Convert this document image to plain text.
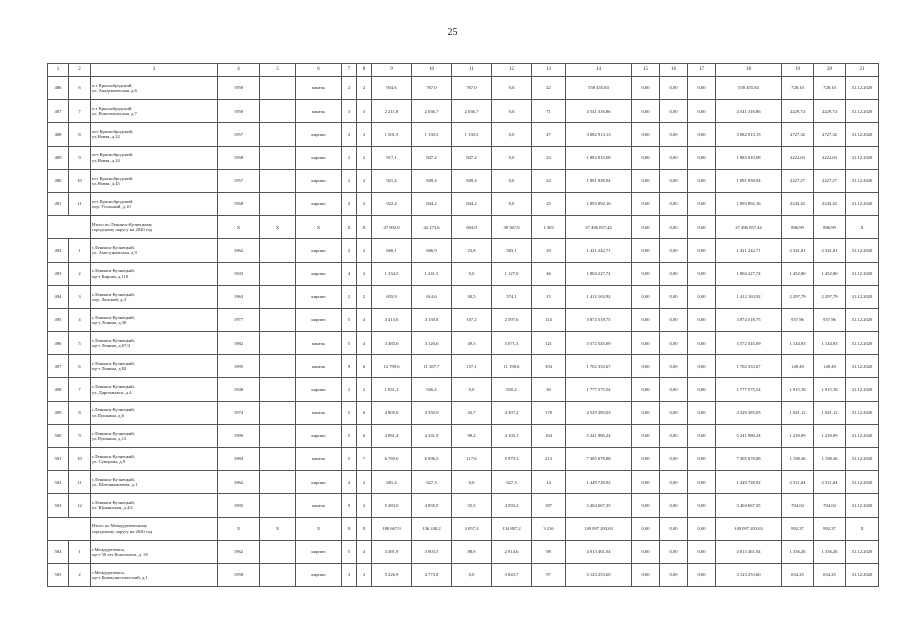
25
1	2	3	4	5	6	7	8	9	10	11	12	13	14	15	16	17	18	19	20	21
486	6	п.т Краснобродский,
ул. Академическая, д.6	1958		панель	2	2	934,6	767,0	767,0	0,0	22	558 455,84	0,00	0,00	0,00	558 455,84	728,10	728,10	31.12.2020
487	7	п.т Краснобродский,
ул. Комсомольская, д.7	1958		панель	3	3	2 211,8	2 036,7	2 036,7	0,0	71	4 541 316,86	0,00	0,00	0,00	4 541 316,86	2229,74	2229,74	31.12.2020
488	8	пгт Краснобродский,
ул.Новая, д.22	1957		кирпич	2	3	1 501,5	1 130,5	1 130,5	0,0	47	3 082 913,13	0,00	0,00	0,00	3 082 913,13	2727,32	2727,32	31.12.2020
489	9	пгт Краснобродский,
ул.Новая, д.24	1958		кирпич	2	2	917,1	847,2	847,2	0,0	23	1 883 010,08	0,00	0,00	0,00	1 883 010,08	2222,63	2222,63	31.12.2020
490	10	пгт Краснобродский,
ул.Новая, д.45	1957		кирпич	2	2	921,4	849,4	849,4	0,0	24	1 891 838,94	0,00	0,00	0,00	1 891 838,94	2227,27	2227,27	31.12.2020
491	11	пгт Краснобродский,
пер. Угольный, д.10	1958		кирпич	2	2	922,4	844,2	844,2	0,0	25	1 893 892,16	0,00	0,00	0,00	1 893 892,16	2243,42	2243,42	31.12.2020
		Итого по Ленинск-Кузнецкому
городскому округу на 2020 год	X	X	X	X	X	47 002,0	42 273,6	694,9	39 367,0	1 303	37 496 057,44	0,00	0,00	0,00	37 496 057,44	886,99	886,99	X
492	1	г.Ленинск-Кузнецкий,
ул. Амосуньевская, д.9	1962		кирпич	2	2	660,1	606,9	23,8	583,1	29	1 421 242,71	0,00	0,00	0,00	1 421 242,71	2 341,81	2 341,81	31.12.2020
493	2	г.Ленинск-Кузнецкий,
пр-т Кирова, д.118	1943		кирпич	4	2	1 334,5	1 241,5	0,0	1 127,0	46	1 804 227,74	0,00	0,00	0,00	1 804 227,74	1 452,80	1 452,80	31.12.2020
494	3	г.Ленинск-Кузнецкий,
пер. Ленский, д.4	1963		кирпич	2	2	655,9	614,6	40,5	574,1	15	1 412 163,92	0,00	0,00	0,00	1 412 163,92	2 297,79	2 297,79	31.12.2020
495	4	г.Ленинск-Кузнецкий,
пр-т Ленина, д.30	1977		кирпич	5	4	4 413,6	4 130,8	107,2	2 597,6	114	3 874 518,75	0,00	0,00	0,00	3 874 518,75	937,96	937,96	31.12.2020
496	5	г.Ленинск-Кузнецкий,
пр-т Ленина, д.67/4	1982		панель	5	4	3 483,6	3 120,6	49,3	3 071,3	121	3 572 545,69	0,00	0,00	0,00	3 572 545,69	1 144,83	1 144,83	31.12.2020
497	6	г.Ленинск-Кузнецкий,
пр-т Ленина, д.82	1995		панель	9	6	12 799,6	11 387,7	157,1	11 190,6	394	1 702 333,67	0,00	0,00	0,00	1 702 333,67	149,49	149,49	31.12.2020
498	7	г.Ленинск-Кузнецкий,
ул. Даргомыжск, д.4	1948		кирпич	2	2	1 051,2	926,2	0,0	835,2	30	1 777 575,54	0,00	0,00	0,00	1 777 575,54	1 915,18	1 915,18	31.12.2020
499	8	г.Ленинск-Кузнецкий,
ул.Пушкина, д.6	1974		панель	5	6	4 805,6	4 350,9	43,7	4 307,2	178	4 529 385,03	0,00	0,00	0,00	4 529 385,03	1 041,12	1 041,12	31.12.2020
500	9	г.Ленинск-Кузнецкий,
ул.Пушкина, д.12	1990		кирпич	5	6	4 861,4	4 331,9	98,2	4 103,1	164	5 241 980,24	0,00	0,00	0,00	5 241 980,24	1 210,09	1 210,09	31.12.2020
501	10	г.Ленинск-Кузнецкий,
ул. Суворова, д.9	1984		панель	5	7	6 769,0	6 096,5	117,6	5 979,3	213	7 305 678,88	0,00	0,00	0,00	7 305 678,88	1 198,36	1 198,36	31.12.2020
502	11	г.Ленинск-Кузнецкий,
ул. Шевляковичева, д.1	1962		кирпич	4	2	681,4	627,3	0,0	627,3	14	1 449 728,92	0,00	0,00	0,00	1 449 728,92	2 311,04	2 311,04	31.12.2020
503	12	г.Ленинск-Кузнецкий,
ул. Юрьинская, д.4/2	1995		панель	9	2	5 483,0	4 835,9	55,3	4 593,2	187	3 404 667,35	0,00	0,00	0,00	3 404 667,35	704,04	704,04	31.12.2020
		Итого по Междуреченскому
городскому округу на 2020 год	X	X	X	X	X	180 667,9	136 240,2	4 057,3	134 887,2	3 216	149 097 203,63	0,00	0,00	0,00	149 097 203,63	992,37	992,37	X
504	1	г.Междуреченск,
пр-т 50 лет Комсомола, д. 35	1962		кирпич	5	4	3 491,9	3 003,5	88,9	2 914,6	98	4 013 461,04	0,00	0,00	0,00	4 013 461,04	1 336,26	1 336,26	31.12.2020
505	2	г.Междуреченск,
пр-т Коммунистический, д.1	1958		кирпич	3	3	5 226,9	4 773,8	0,0	3 843,7	97	3 123 253,60	0,00	0,00	0,00	3 123 253,60	654,25	654,25	31.12.2020
